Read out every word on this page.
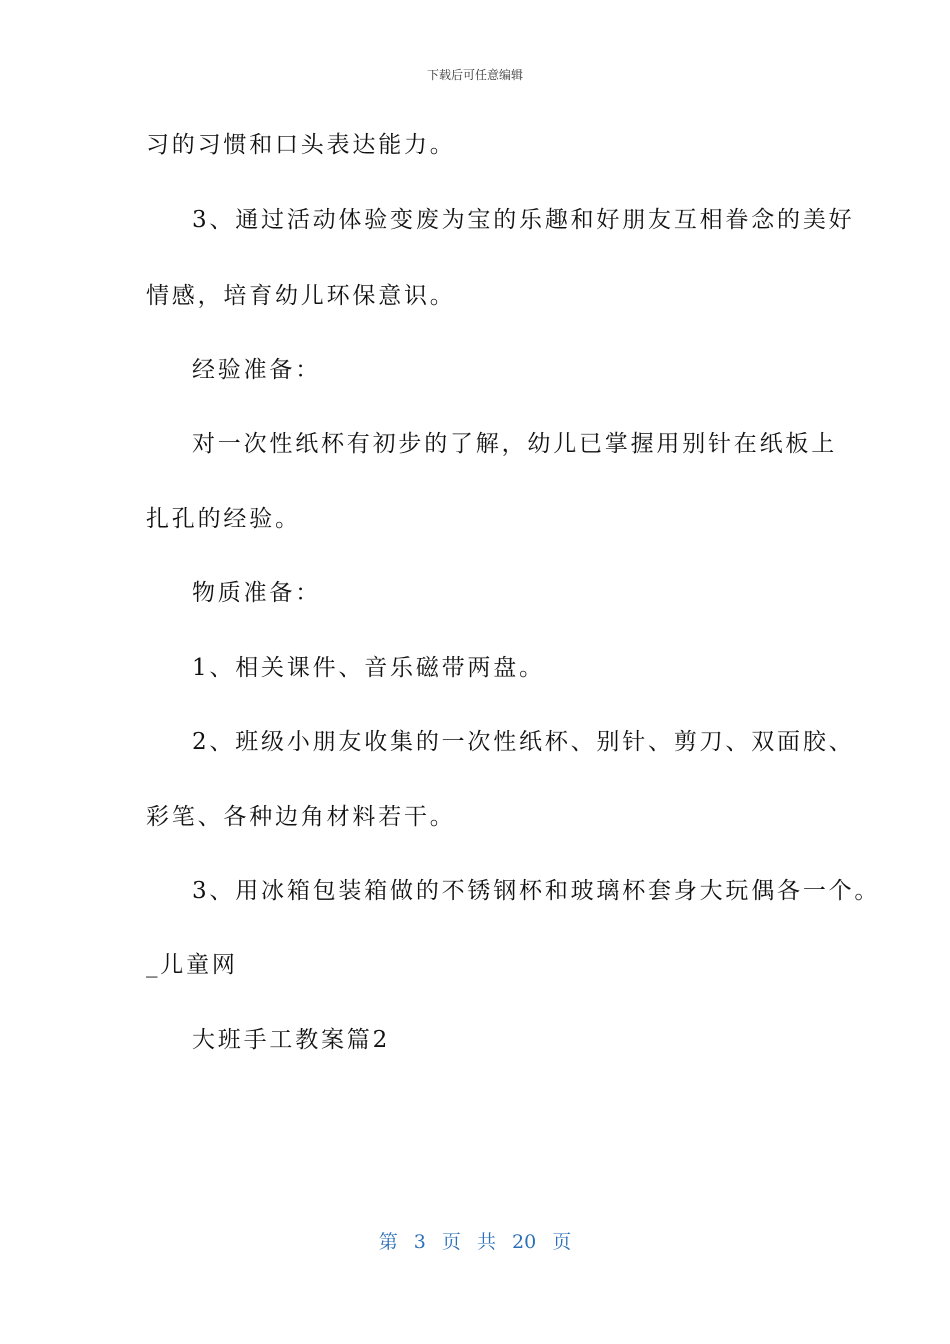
下载后可任意编辑
习的习惯和口头表达能力。
3、通过活动体验变废为宝的乐趣和好朋友互相眷念的美好
情感，培育幼儿环保意识。
经验准备：
对一次性纸杯有初步的了解，幼儿已掌握用别针在纸板上
扎孔的经验。
物质准备：
1、相关课件、音乐磁带两盘。
2、班级小朋友收集的一次性纸杯、别针、剪刀、双面胶、
彩笔、各种边角材料若干。
3、用冰箱包装箱做的不锈钢杯和玻璃杯套身大玩偶各一个。
_儿童网
大班手工教案篇2
第 3 页 共 20 页
